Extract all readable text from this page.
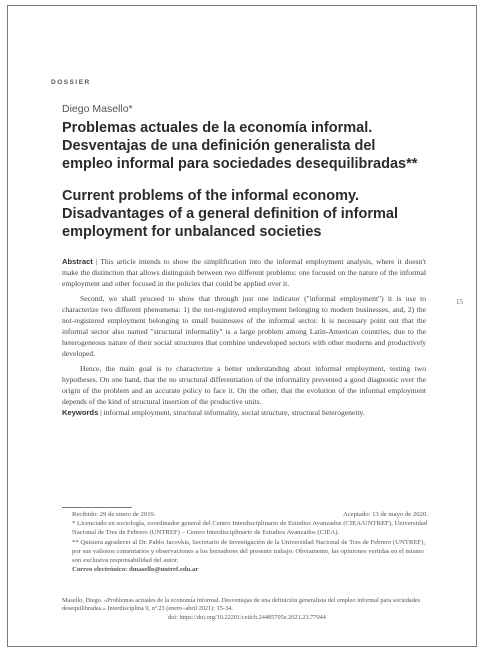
DOSSIER
Diego Masello*
Problemas actuales de la economía informal.
Desventajas de una definición generalista del
empleo informal para sociedades desequilibradas**
Current problems of the informal economy.
Disadvantages of a general definition of informal
employment for unbalanced societies

Abstract | This article intends to show the simplification into the informal employment analysis, where it doesn't make the distinction that allows distinguish between two different problems: one focused on the nature of the informal employment and other focused in the policies that could be applied over it.

Second, we shall proceed to show that through just one indicator ("informal employment") it is use to characterize two different phenomena: 1) the not-registered employment belonging to modern businesses, and, 2) the not-registered employment belonging to small businesses of the informal sector. It is necessary point out that the informal sector also named "structural informality" is a large problem among Latin-American countries, due to the heterogeneous nature of their social structures that combine undeveloped sectors with other moderns and productively developed.

Hence, the main goal is to characterize a better understanding about informal employment, testing two hypotheses. On one hand, that the no structural differentiation of the informality prevented a good diagnostic over the origin of the problem and an accurate policy to face it. On the other, that the evolution of the informal employment depends of the kind of structural insertion of the productive units.

Keywords | informal employment, structural informality, social structure, structural heterogeneity.

15
Recibido: 29 de enero de 2019.	Aceptado: 13 de mayo de 2020.

* Licenciado en sociología, coordinador general del Centro Interdisciplinario de Estudios Avanzados (CIEA/UNTREF), Universidad Nacional de Tres de Febrero (UNTREF) – Centro Interdisciplinario de Estudios Avanzados (CIEA).

** Quisiera agradecer al Dr. Pablo Jacovkis, Secretario de Investigación de la Universidad Nacional de Tres de Febrero (UNTREF), por sus valiosos comentarios y observaciones a los borradores del presente trabajo. Obviamente, las opiniones vertidas en el mismo son exclusiva responsabilidad del autor.

Correo electrónico: dmasello@untref.edu.ar

Masello, Diego. «Problemas actuales de la economía informal. Desventajas de una definición generalista del empleo informal para sociedades desequilibradas.» Interdisciplina 9, nº 23 (enero–abril 2021): 15-34.
doi: https://doi.org/10.22201/ceiich.24485705e.2021.23.77944
